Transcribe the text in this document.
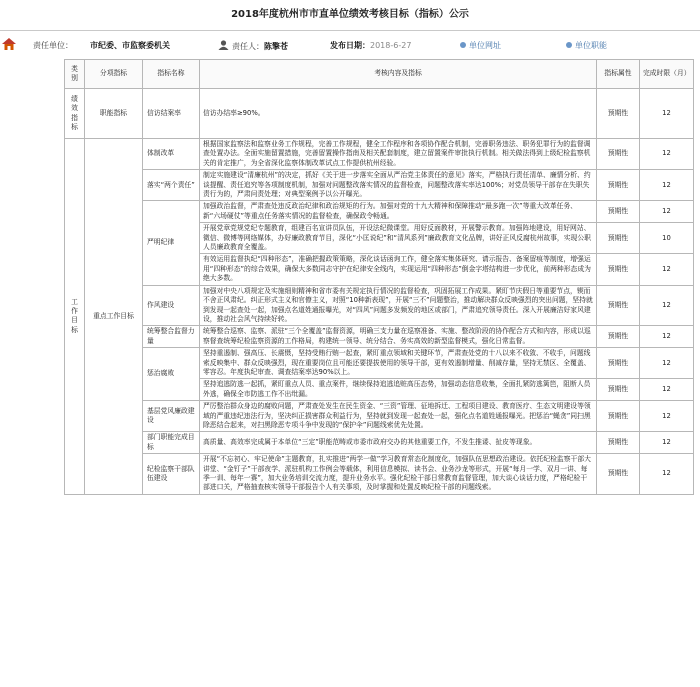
2018年度杭州市市直单位绩效考核目标（指标）公示
责任单位： 市纪委、市监察委机关	责任人：陈擎苍	发布日期：2018-6-27	单位网址	单位职能
类别	分项指标	指标名称	考核内容及指标	指标属性	完成时限（月）
绩效指标	职能指标	信访结案率	信访办结率≥90%。	预期性	12
工作目标	重点工作目标	体制改革	根据国家监察法和监察业务工作规程，完善工作规程，健全工作程序和各项协作配合机制，完善职务违法、职务犯罪行为的监督调查处置办法。全面实施留置措施，完善留置操作指南及相关配套制度，建立留置案件审批执行机制。相关做法得到上级纪检监察机关的肯定推广，为全省深化监察体制改革试点工作提供杭州经验。	预期性	12
		落实“两个责任”	制定实施建设“清廉杭州”的决定，抓好《关于进一步落实全面从严治党主体责任的意见》落实，严格执行责任清单、廉情分析、约谈提醒、责任追究等各项制度机制，加强对问题整改落实情况的监督检查，问题整改落实率达100%；对党员领导干部存在失职失责行为的，严肃问责处理；对典型案例予以公开曝光。	预期性	12
		严明纪律	加强政治监督，严肃查处违反政治纪律和政治规矩的行为。加强对党的十九大精神和保障推动“最多跑一次”等重大改革任务、新“六场硬仗”等重点任务落实情况的监督检查，确保政令畅通。	预期性	12
			开展党章党规党纪专题教育，组建百名宣讲员队伍，开设法纪微课堂。用好反面教材，开展警示教育。加强阵地建设，用好网站、微信、微博等网络媒体，办好廉政教育节目，深化“小匡说纪”和“清风系列”廉政教育文化品牌，讲好正风反腐杭州故事，实现公职人员廉政教育全覆盖。	预期性	10
			有效运用监督执纪“四种形态”，准确把握政策策略，深化谈话函询工作，健全落实集体研究、请示报告、备案留痕等制度，增强运用“四种形态”的综合效果，确保大多数同志守护在纪律安全线内，实现运用“四种形态”倒金字塔结构进一步优化，前两种形态成为绝大多数。	预期性	12
		作风建设	加强对中央八项规定及实施细则精神和省市委有关规定执行情况的监督检查，巩固拓展工作成果。紧盯节庆假日等重要节点，锲而不舍正风肃纪。纠正形式主义和官僚主义，对照“10种新表现”，开展“三不”问题整治，推动解决群众反映强烈的突出问题，坚持就到发现一起查处一起，加强点名道姓通报曝光，对“四风”问题多发频发的地区或部门，严肃追究领导责任。深入开展廉洁好家风建设，推动社会风气持续好转。	预期性	12
		统筹整合监督力量	统筹整合巡察、监察、派驻“三个全覆盖”监督资源，明确三支力量在巡察准备、实施、整改阶段的协作配合方式和内容，形成以巡察督查统筹纪检监察资源的工作格局，构建统一领导、统分结合、务实高效的新型监督模式，强化日常监督。	预期性	12
		惩治腐败	坚持重遏制、强高压、长震慑，坚持受贿行贿一起查，紧盯重点领域和关键环节，严肃查处党的十八以来不收敛、不收手，问题线索反映集中、群众反映强烈，现在重要岗位且可能还要提拔使用的领导干部，更有效遏制增量、削减存量，坚持无禁区、全覆盖、零容忍。年度执纪审查、调查结案率达90%以上。	预期性	12
			坚持追逃防逃一起抓，紧盯重点人员、重点案件，继续保持追逃追赃高压态势，加强动态信息收集，全面扎紧防逃篱笆，阻断人员外逃，确保全市防逃工作不出纰漏。	预期性	12
		基层党风廉政建设	严厉整治群众身边的腐败问题，严肃查处发生在民生资金、“三资”管理、征地拆迁、工程项目建设、教育医疗、生态文明建设等领域的严重违纪违法行为，坚决纠正损害群众利益行为，坚持就到发现一起查处一起，强化点名道姓通报曝光。把惩治“蝇贪”同扫黑除恶结合起来，对扫黑除恶专项斗争中发现的“保护伞”问题线索优先处置。	预期性	12
		部门职能完成目标	高质量、高效率完成属于本单位“三定”职能范畴或市委市政府交办的其他重要工作，不发生推诿、扯皮等现象。	预期性	12
		纪检监察干部队伍建设	开展“不忘初心、牢记使命”主题教育，扎实推进“两学一做”学习教育常态化制度化，加强队伍思想政治建设。依托纪检监察干部大讲堂、“金钉子”干部夜学、派驻机构工作例会等载体，利用信息模拟、读书会、业务沙龙等形式，开展“每月一学、双月一讲、每季一训、每年一赛”，加大业务培训交流力度，提升业务水平。强化纪检干部日常教育监督管理，加大谈心谈话力度，严格纪检干部进口关，严格抽查核实领导干部报告个人有关事项，及时掌握和处置反映纪检干部的问题线索。	预期性	12
